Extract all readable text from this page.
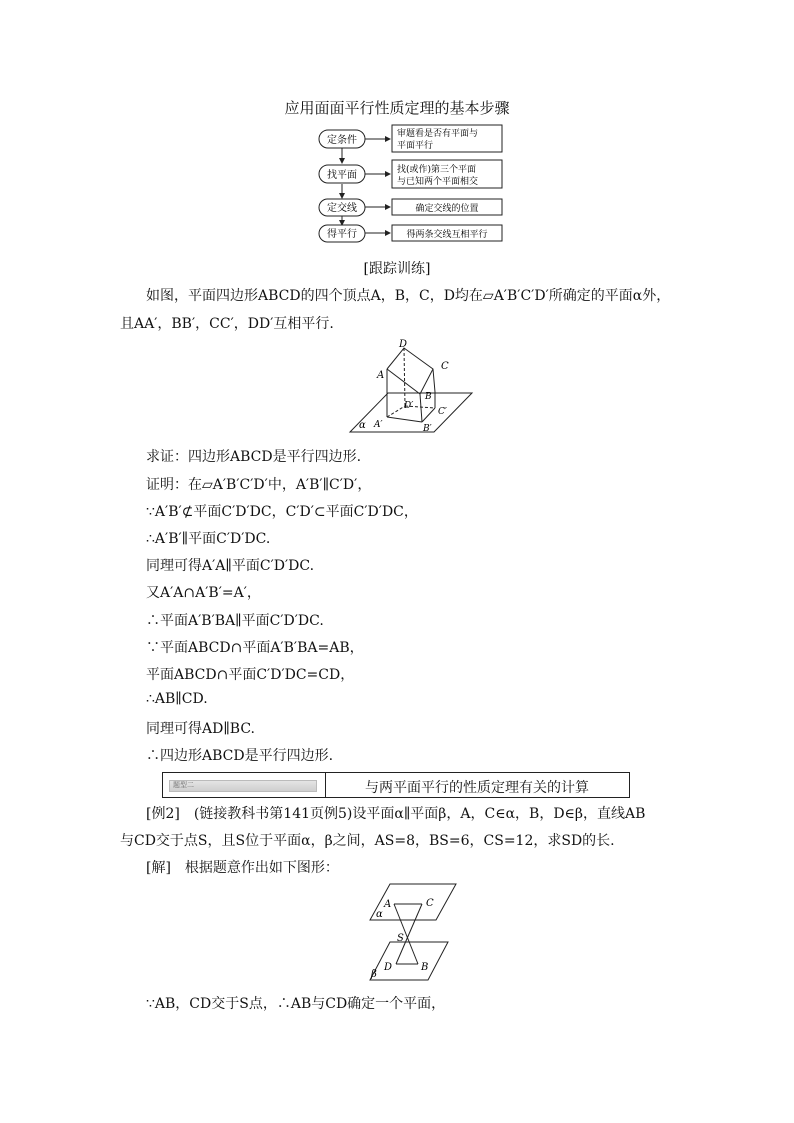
应用面面平行性质定理的基本步骤
定条件
找平面
定交线
得平行
审题看是否有平面与
平面平行
找(或作)第三个平面
与已知两个平面相交
确定交线的位置
得两条交线互相平行
[跟踪训练]
如图，平面四边形ABCD的四个顶点A，B，C，D均在▱A′B′C′D′所确定的平面α外，
且AA′，BB′，CC′，DD′互相平行.
D
C
A
B
D′
C′
A′	B′
α
求证：四边形ABCD是平行四边形.
证明：在▱A′B′C′D′中，A′B′∥C′D′，
∵A′B′⊄平面C′D′DC，C′D′⊂平面C′D′DC，
∴A′B′∥平面C′D′DC.
同理可得A′A∥平面C′D′DC.
又A′A∩A′B′=A′，
∴平面A′B′BA∥平面C′D′DC.
∵平面ABCD∩平面A′B′BA=AB，
平面ABCD∩平面C′D′DC=CD，
∴AB∥CD.
同理可得AD∥BC.
∴四边形ABCD是平行四边形.
题型二	与两平面平行的性质定理有关的计算
[例2]　(链接教科书第141页例5)设平面α∥平面β，A，C∈α，B，D∈β，直线AB
与CD交于点S，且S位于平面α，β之间，AS=8，BS=6，CS=12，求SD的长.
[解]　根据题意作出如下图形：
A	C
α
S
D	B
β
∵AB，CD交于S点，∴AB与CD确定一个平面，
